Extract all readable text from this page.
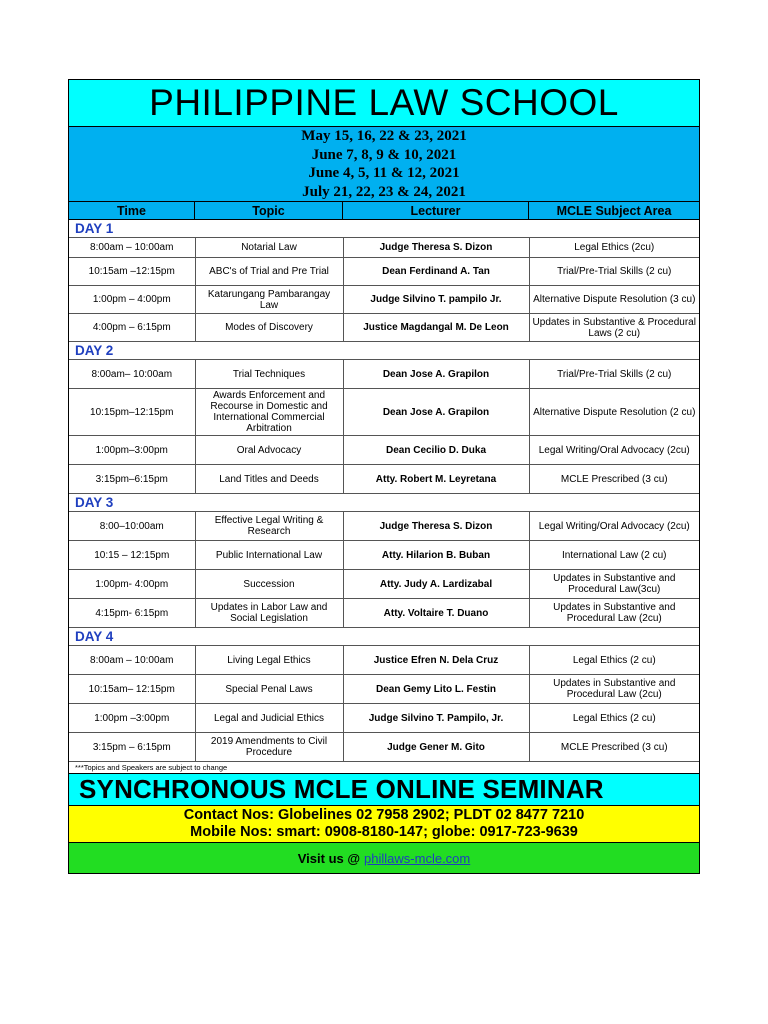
PHILIPPINE LAW SCHOOL
May 15, 16, 22 & 23, 2021
June 7, 8, 9 & 10, 2021
June 4, 5, 11 & 12, 2021
July 21, 22, 23 & 24, 2021
Time	Topic	Lecturer	MCLE Subject Area
DAY 1
8:00am – 10:00am	Notarial Law	Judge Theresa S. Dizon	Legal Ethics (2cu)
10:15am –12:15pm	ABC's of Trial and Pre Trial	Dean Ferdinand A. Tan	Trial/Pre-Trial Skills (2 cu)
1:00pm – 4:00pm	Katarungang Pambarangay Law	Judge Silvino T. pampilo Jr.	Alternative Dispute Resolution (3 cu)
4:00pm – 6:15pm	Modes of Discovery	Justice Magdangal M. De Leon	Updates in Substantive & Procedural Laws (2 cu)
DAY 2
8:00am– 10:00am	Trial Techniques	Dean Jose A. Grapilon	Trial/Pre-Trial Skills (2 cu)
10:15pm–12:15pm	Awards Enforcement and Recourse in Domestic and International Commercial Arbitration	Dean Jose A. Grapilon	Alternative Dispute Resolution (2 cu)
1:00pm–3:00pm	Oral Advocacy	Dean Cecilio D. Duka	Legal Writing/Oral Advocacy (2cu)
3:15pm–6:15pm	Land Titles and Deeds	Atty. Robert M. Leyretana	MCLE Prescribed (3 cu)
DAY 3
8:00–10:00am	Effective Legal Writing & Research	Judge Theresa S. Dizon	Legal Writing/Oral Advocacy (2cu)
10:15 – 12:15pm	Public International Law	Atty. Hilarion B. Buban	International Law (2 cu)
1:00pm- 4:00pm	Succession	Atty. Judy A. Lardizabal	Updates in Substantive and Procedural Law(3cu)
4:15pm- 6:15pm	Updates in Labor Law and Social Legislation	Atty. Voltaire T. Duano	Updates in Substantive and Procedural Law (2cu)
DAY 4
8:00am – 10:00am	Living Legal Ethics	Justice Efren N. Dela Cruz	Legal Ethics (2 cu)
10:15am– 12:15pm	Special Penal Laws	Dean Gemy Lito L. Festin	Updates in Substantive and Procedural Law (2cu)
1:00pm –3:00pm	Legal and Judicial Ethics	Judge Silvino T. Pampilo, Jr.	Legal Ethics (2 cu)
3:15pm – 6:15pm	2019 Amendments to Civil Procedure	Judge Gener M. Gito	MCLE Prescribed (3 cu)
***Topics and Speakers are subject to change
SYNCHRONOUS MCLE ONLINE SEMINAR
Contact Nos: Globelines 02 7958 2902; PLDT 02 8477 7210
Mobile Nos: smart: 0908-8180-147; globe: 0917-723-9639
Visit us @ phillaws-mcle.com
